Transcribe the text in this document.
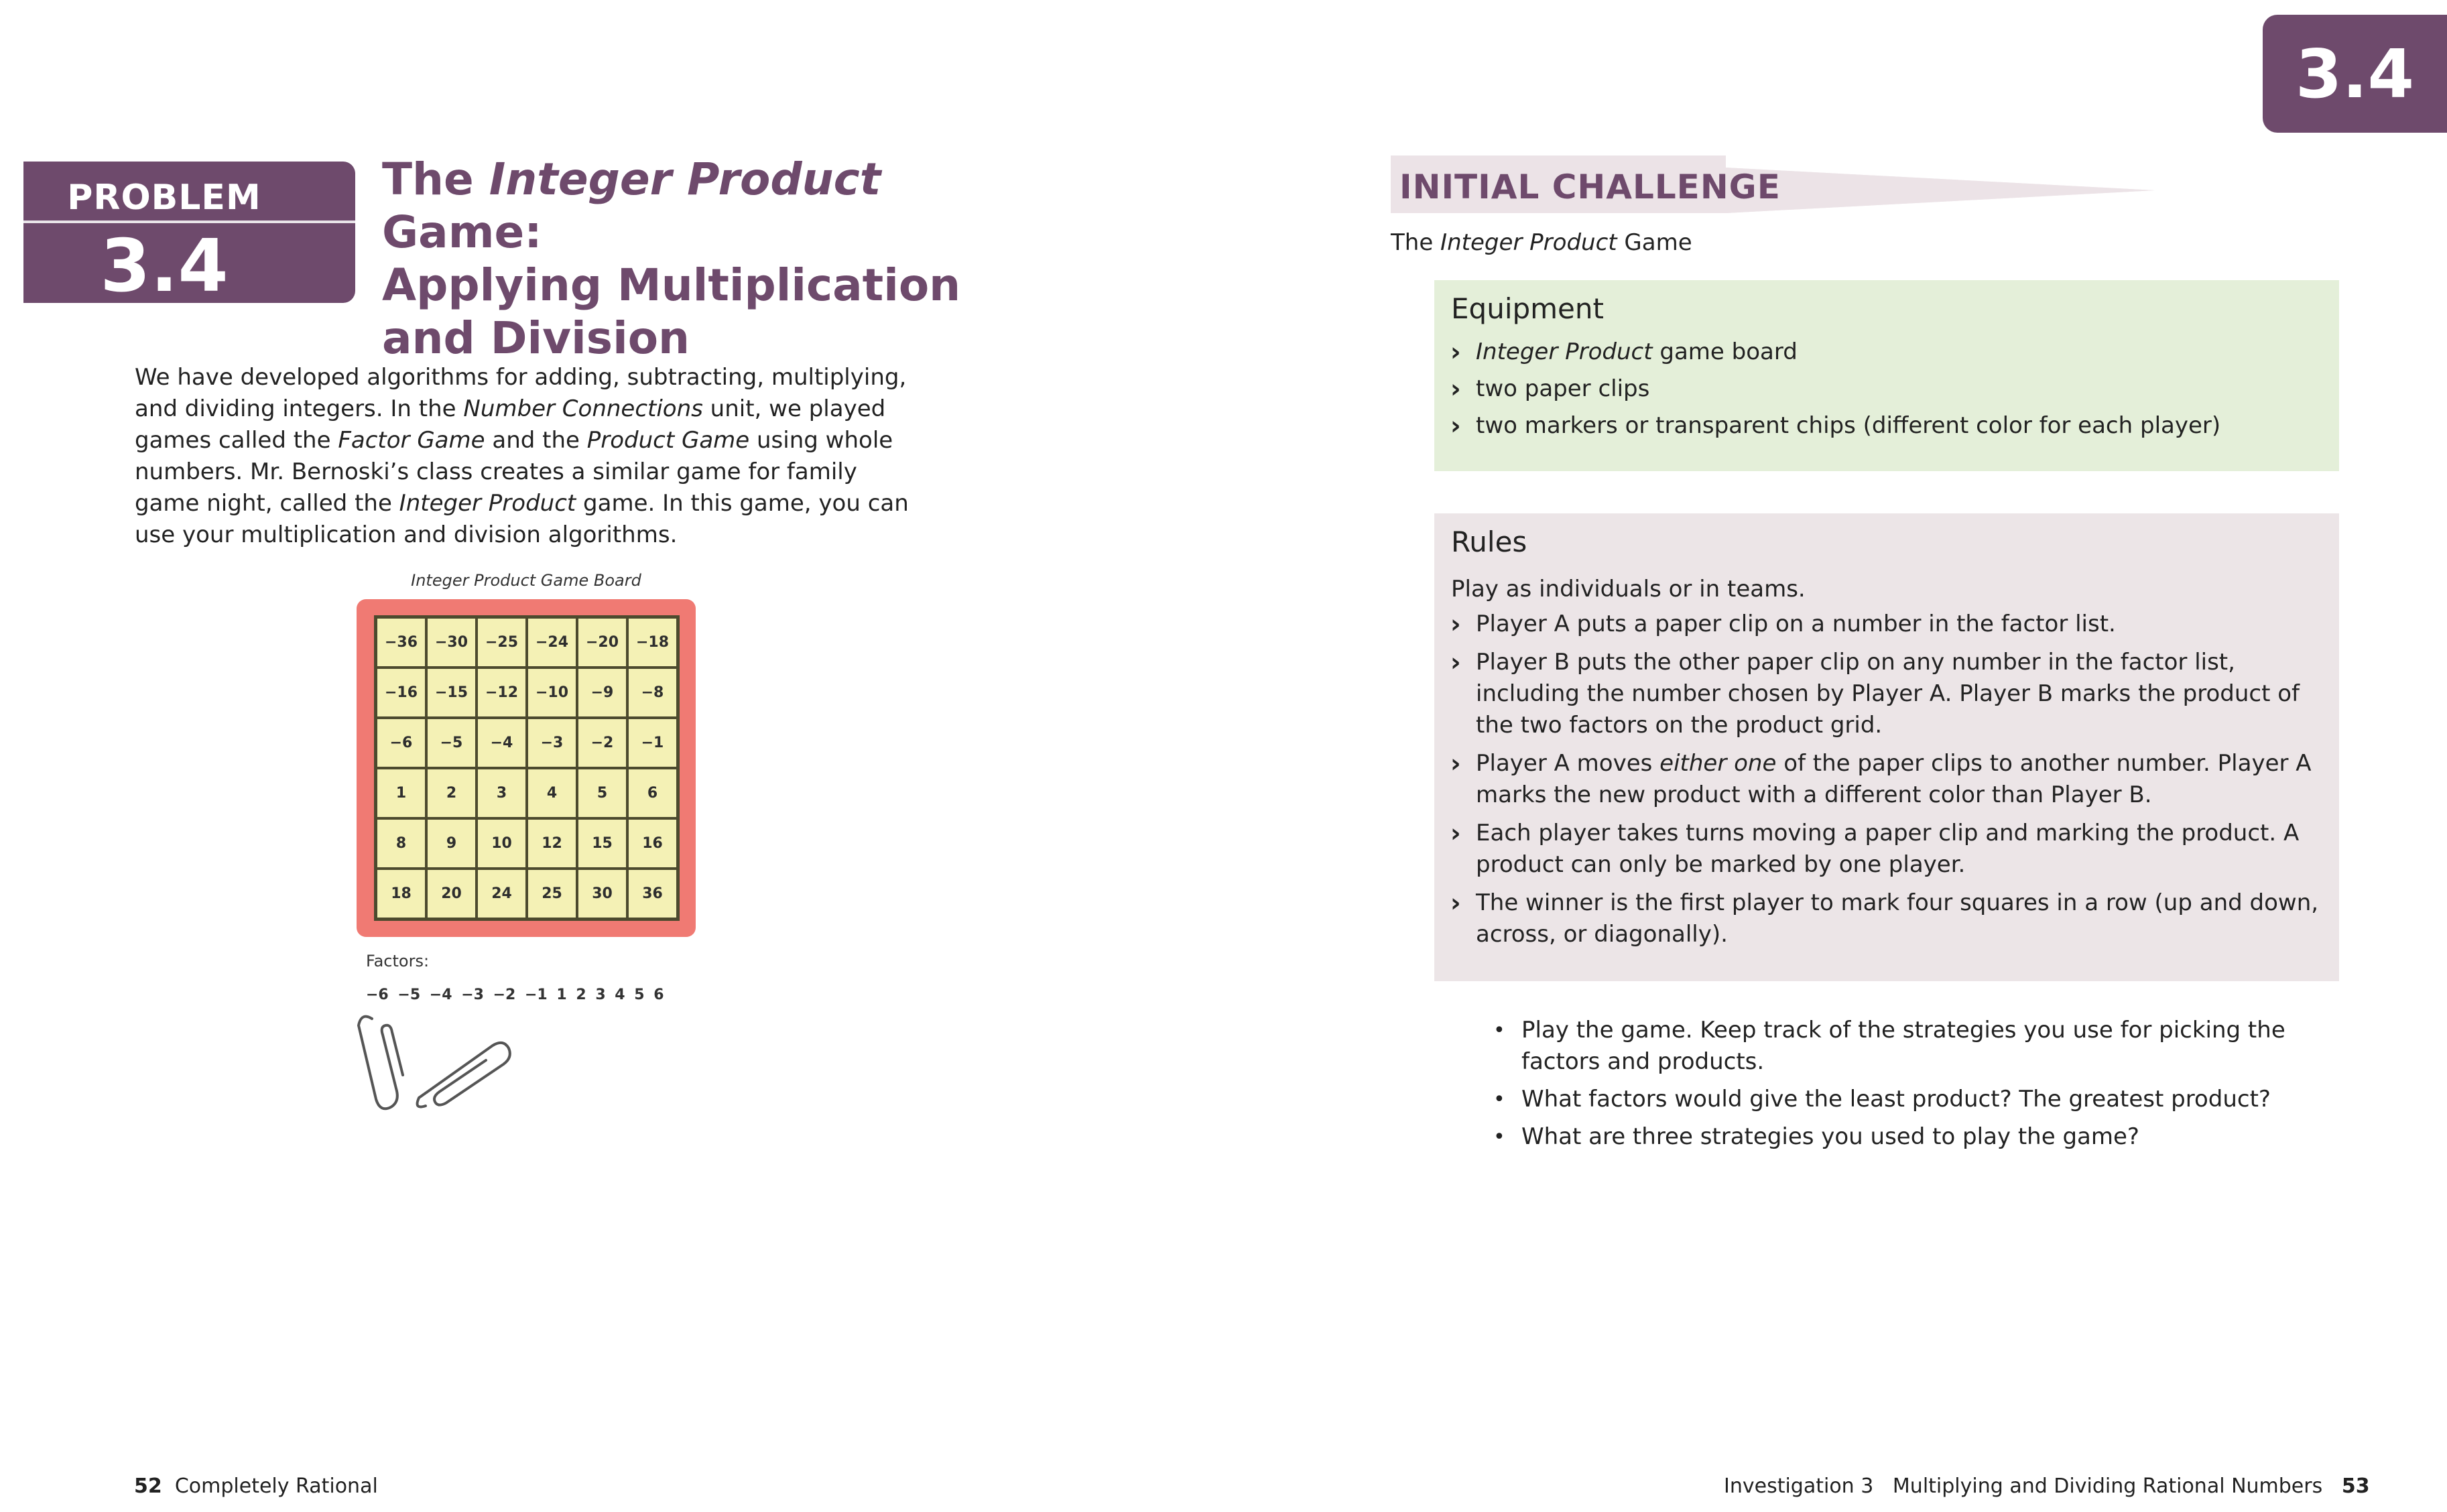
PROBLEM
3.4
The Integer Product Game:
Applying Multiplication
and Division
We have developed algorithms for adding, subtracting, multiplying, and dividing integers. In the Number Connections unit, we played games called the Factor Game and the Product Game using whole numbers. Mr. Bernoski’s class creates a similar game for family game night, called the Integer Product game. In this game, you can use your multiplication and division algorithms.
Integer Product Game Board
−36	−30	−25	−24	−20	−18
−16	−15	−12	−10	−9	−8
−6	−5	−4	−3	−2	−1
1	2	3	4	5	6
8	9	10	12	15	16
18	20	24	25	30	36
Factors:
−6 −5 −4 −3 −2 −1 1 2 3 4 5 6
52 Completely Rational
3.4
INITIAL CHALLENGE
The Integer Product Game
Equipment
› Integer Product game board
› two paper clips
› two markers or transparent chips (different color for each player)
Rules
Play as individuals or in teams.
› Player A puts a paper clip on a number in the factor list.
› Player B puts the other paper clip on any number in the factor list, including the number chosen by Player A. Player B marks the product of the two factors on the product grid.
› Player A moves either one of the paper clips to another number. Player A marks the new product with a different color than Player B.
› Each player takes turns moving a paper clip and marking the product. A product can only be marked by one player.
› The winner is the first player to mark four squares in a row (up and down, across, or diagonally).
• Play the game. Keep track of the strategies you use for picking the factors and products.
• What factors would give the least product? The greatest product?
• What are three strategies you used to play the game?
Investigation 3   Multiplying and Dividing Rational Numbers 53
